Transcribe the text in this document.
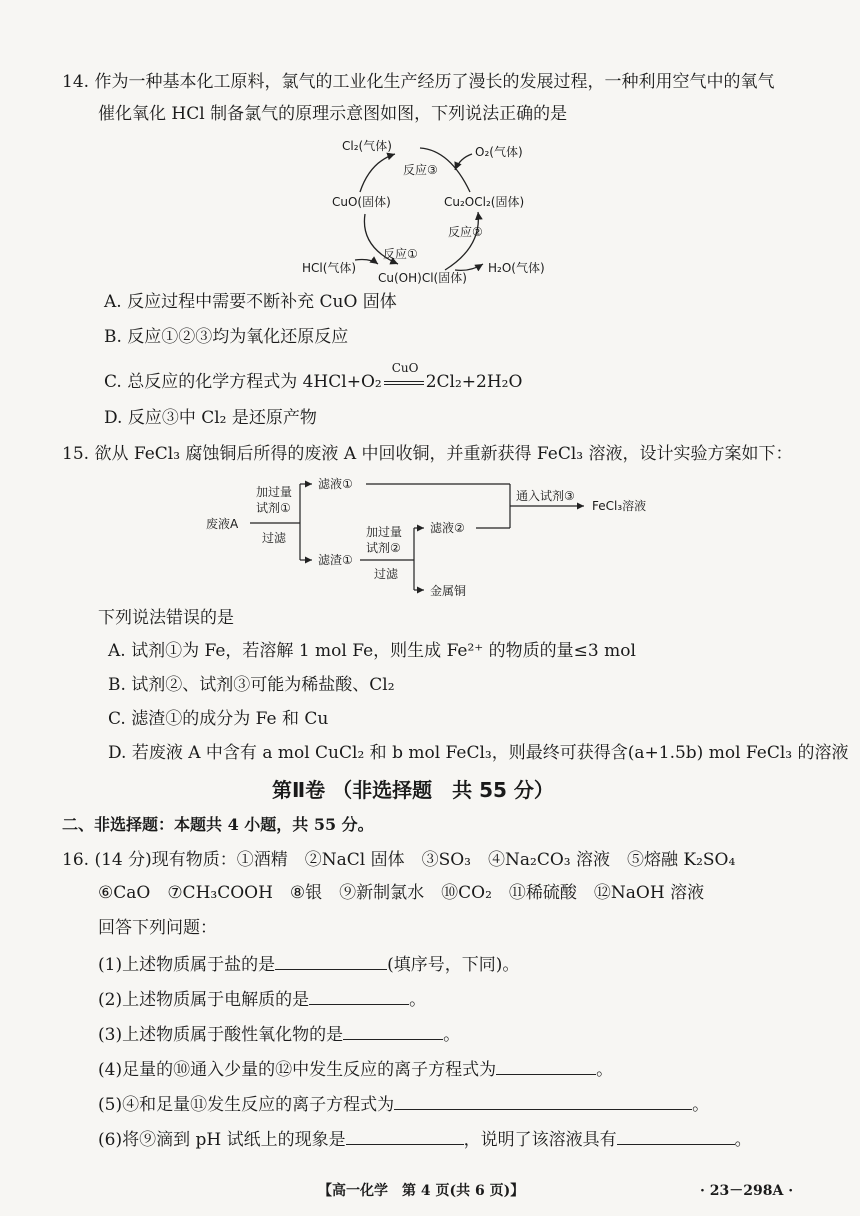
14. 作为一种基本化工原料，氯气的工业化生产经历了漫长的发展过程，一种利用空气中的氧气
催化氧化 HCl 制备氯气的原理示意图如图，下列说法正确的是
Cl₂(气体)	O₂(气体)
反应③
CuO(固体)	Cu₂OCl₂(固体)
反应②
反应①
HCl(气体)
Cu(OH)Cl(固体)
H₂O(气体)
A. 反应过程中需要不断补充 CuO 固体
B. 反应①②③均为氧化还原反应
C. 总反应的化学方程式为 4HCl+O₂
CuO
2Cl₂+2H₂O
D. 反应③中 Cl₂ 是还原产物
15. 欲从 FeCl₃ 腐蚀铜后所得的废液 A 中回收铜，并重新获得 FeCl₃ 溶液，设计实验方案如下：
废液A
加过量
试剂①
过滤
滤液①
滤渣①
加过量
试剂②
过滤
滤液②
金属铜
通入试剂③
FeCl₃溶液
下列说法错误的是
A. 试剂①为 Fe，若溶解 1 mol Fe，则生成 Fe²⁺ 的物质的量≤3 mol
B. 试剂②、试剂③可能为稀盐酸、Cl₂
C. 滤渣①的成分为 Fe 和 Cu
D. 若废液 A 中含有 a mol CuCl₂ 和 b mol FeCl₃，则最终可获得含(a+1.5b) mol FeCl₃ 的溶液
第Ⅱ卷 （非选择题　共 55 分）
二、非选择题：本题共 4 小题，共 55 分。
16. (14 分)现有物质：①酒精　②NaCl 固体　③SO₃　④Na₂CO₃ 溶液　⑤熔融 K₂SO₄
⑥CaO　⑦CH₃COOH　⑧银　⑨新制氯水　⑩CO₂　⑪稀硫酸　⑫NaOH 溶液
回答下列问题：
(1)上述物质属于盐的是	(填序号，下同)。
(2)上述物质属于电解质的是	。
(3)上述物质属于酸性氧化物的是	。
(4)足量的⑩通入少量的⑫中发生反应的离子方程式为	。
(5)④和足量⑪发生反应的离子方程式为	。
(6)将⑨滴到 pH 试纸上的现象是	，说明了该溶液具有	。
【高一化学　第 4 页(共 6 页)】	· 23－298A ·
